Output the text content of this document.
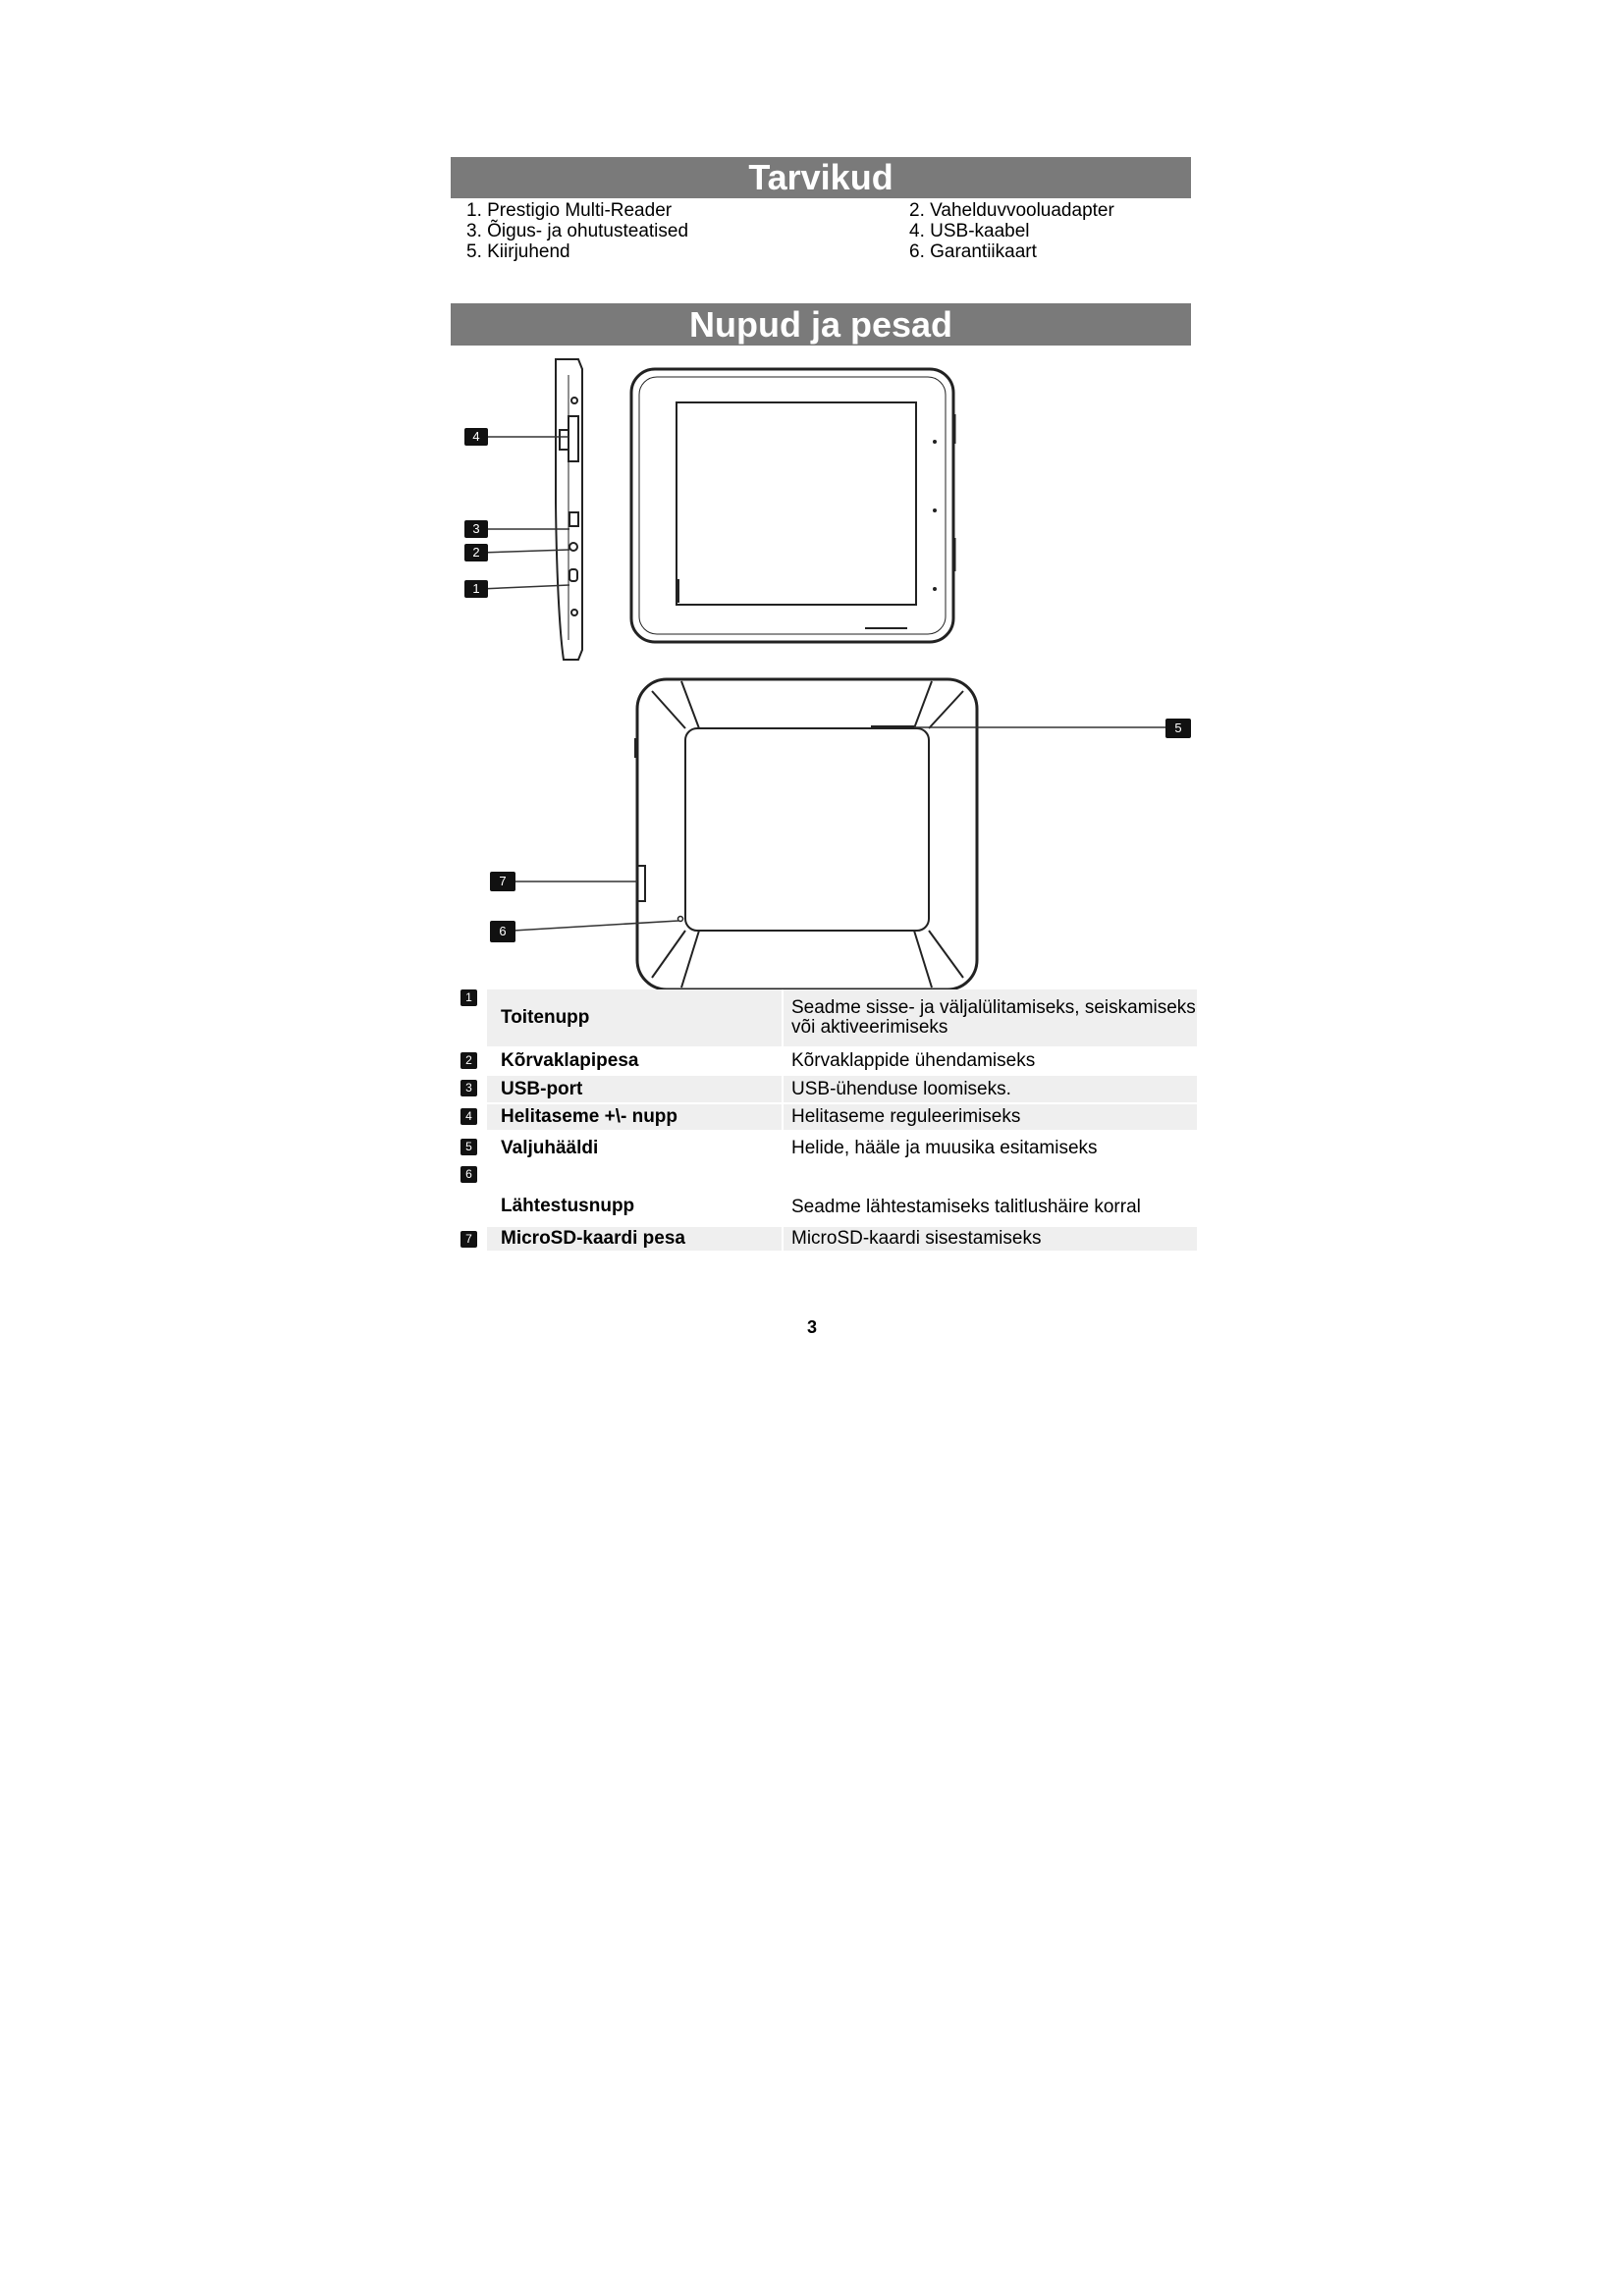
Tarvikud
1. Prestigio Multi-Reader	2. Vahelduvvooluadapter
3. Õigus- ja ohutusteatised	4. USB-kaabel
5. Kiirjuhend	6. Garantiikaart
Nupud ja pesad
4
3
2
1
5
7
6
1
Toitenupp	Seadme sisse- ja väljalülitamiseks, seiskamiseks või aktiveerimiseks
2	Kõrvaklapipesa	Kõrvaklappide ühendamiseks
3	USB-port	USB-ühenduse loomiseks.
4	Helitaseme +\- nupp	Helitaseme reguleerimiseks
5	Valjuhääldi	Helide, hääle ja muusika esitamiseks
6
Lähtestusnupp	Seadme lähtestamiseks talitlushäire korral
7	MicroSD-kaardi pesa	MicroSD-kaardi sisestamiseks
3
